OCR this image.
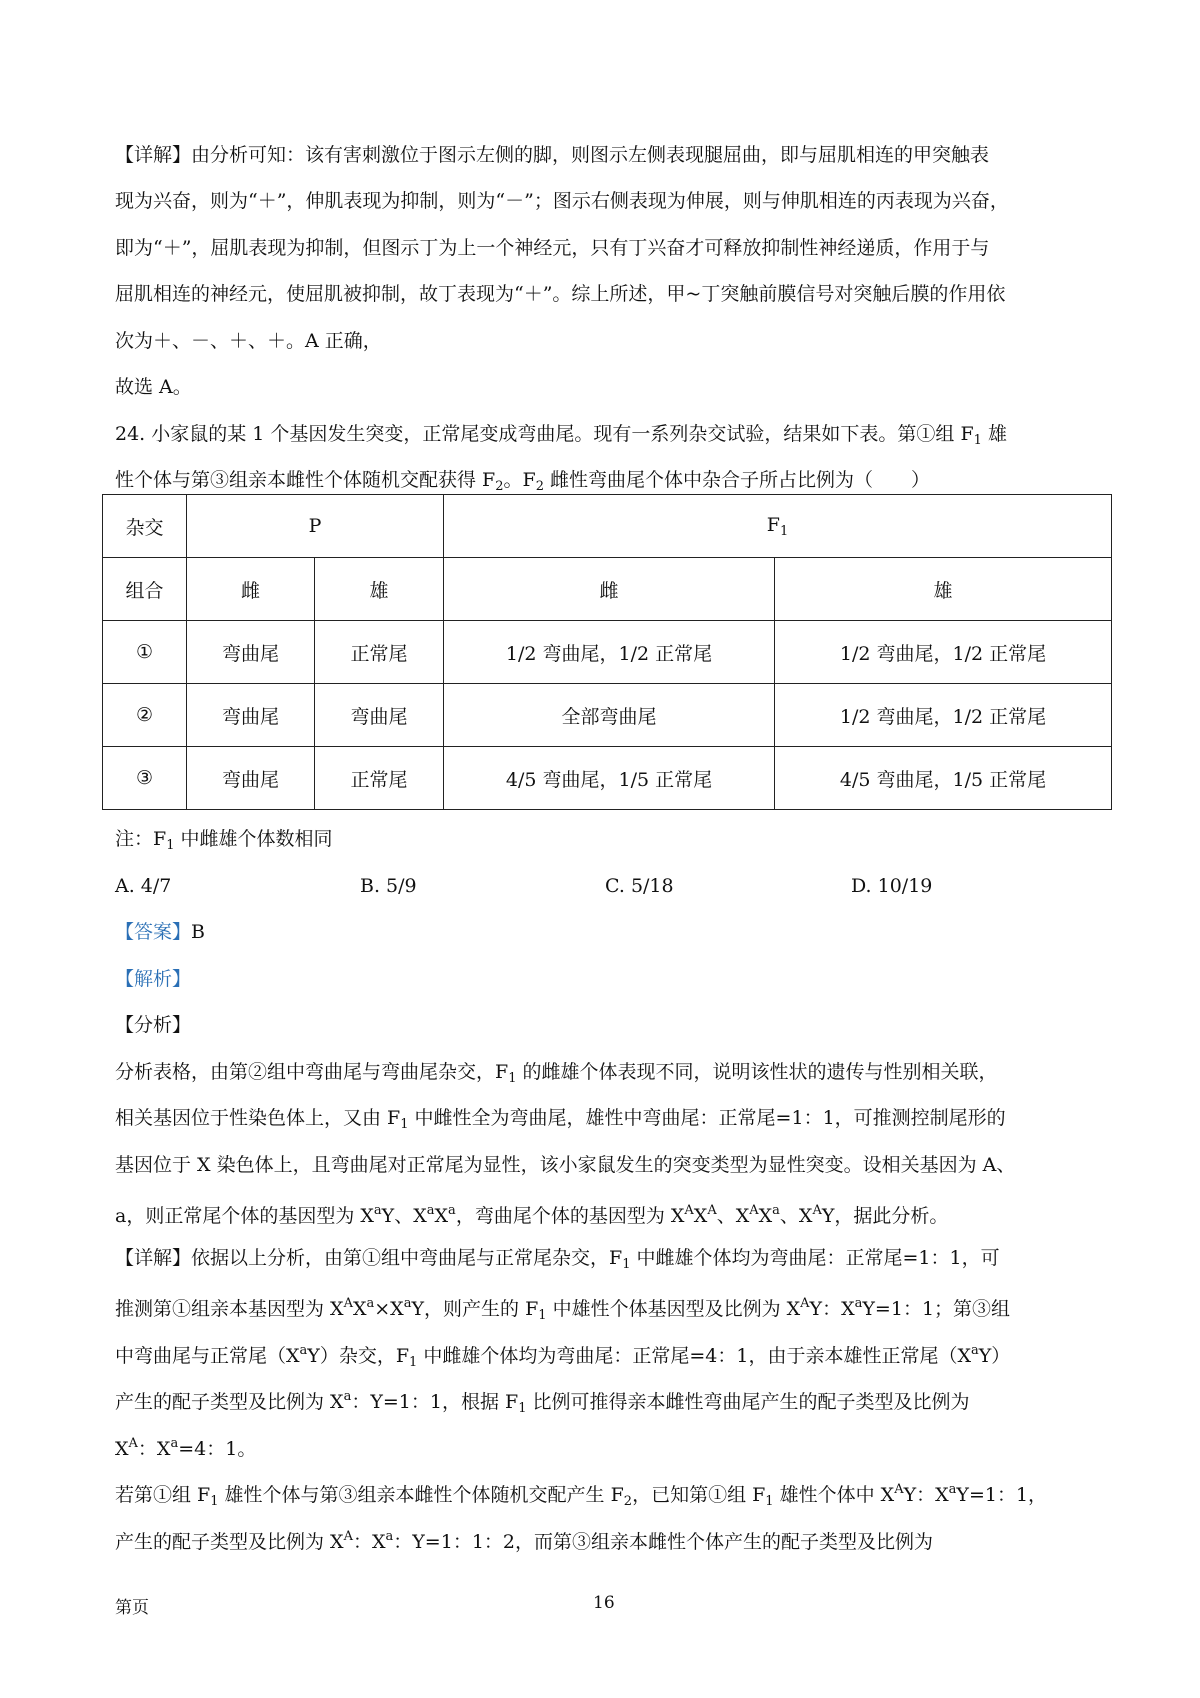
【详解】由分析可知：该有害刺激位于图示左侧的脚，则图示左侧表现腿屈曲，即与屈肌相连的甲突触表
现为兴奋，则为“＋”，伸肌表现为抑制，则为“－”；图示右侧表现为伸展，则与伸肌相连的丙表现为兴奋，
即为“＋”，屈肌表现为抑制，但图示丁为上一个神经元，只有丁兴奋才可释放抑制性神经递质，作用于与
屈肌相连的神经元，使屈肌被抑制，故丁表现为“＋”。综上所述，甲~丁突触前膜信号对突触后膜的作用依
次为＋、－、＋、＋。A 正确，
故选 A。
24. 小家鼠的某 1 个基因发生突变，正常尾变成弯曲尾。现有一系列杂交试验，结果如下表。第①组 $F_1$ 雄
性个体与第③组亲本雌性个体随机交配获得 $F_2$。$F_2$ 雌性弯曲尾个体中杂合子所占比例为（　　）
杂交	P		$F_1$
组合	雌	雄	雌	雄
①	弯曲尾	正常尾	1/2 弯曲尾，1/2 正常尾	1/2 弯曲尾，1/2 正常尾
②	弯曲尾	弯曲尾	全部弯曲尾	1/2 弯曲尾，1/2 正常尾
③	弯曲尾	正常尾	4/5 弯曲尾，1/5 正常尾	4/5 弯曲尾，1/5 正常尾
注：$F_1$ 中雌雄个体数相同
A. 4/7	B. 5/9	C. 5/18	D. 10/19
【答案】B
【解析】
【分析】
分析表格，由第②组中弯曲尾与弯曲尾杂交，$F_1$ 的雌雄个体表现不同，说明该性状的遗传与性别相关联，
相关基因位于性染色体上，又由 $F_1$ 中雌性全为弯曲尾，雄性中弯曲尾：正常尾=1：1，可推测控制尾形的
基因位于 X 染色体上，且弯曲尾对正常尾为显性，该小家鼠发生的突变类型为显性突变。设相关基因为 A、
a，则正常尾个体的基因型为 $X^aY$、$X^aX^a$，弯曲尾个体的基因型为 $X^AX^A$、$X^AX^a$、$X^AY$，据此分析。
【详解】依据以上分析，由第①组中弯曲尾与正常尾杂交，$F_1$ 中雌雄个体均为弯曲尾：正常尾=1：1，可
推测第①组亲本基因型为 $X^AX^a\times X^aY$，则产生的 $F_1$ 中雄性个体基因型及比例为 $X^AY$：$X^aY=1$：1；第③组
中弯曲尾与正常尾$(X^aY)$杂交，$F_1$ 中雌雄个体均为弯曲尾：正常尾=4：1，由于亲本雄性正常尾$(X^aY)$
产生的配子类型及比例为 $X^a$：Y=1：1，根据 $F_1$ 比例可推得亲本雌性弯曲尾产生的配子类型及比例为
$X^A$：$X^a=4$：1。
若第①组 $F_1$ 雄性个体与第③组亲本雌性个体随机交配产生 $F_2$，已知第①组 $F_1$ 雄性个体中 $X^AY$：$X^aY=1$：1，
产生的配子类型及比例为 $X^A$：$X^a$：Y=1：1：2，而第③组亲本雌性个体产生的配子类型及比例为
第页	16
